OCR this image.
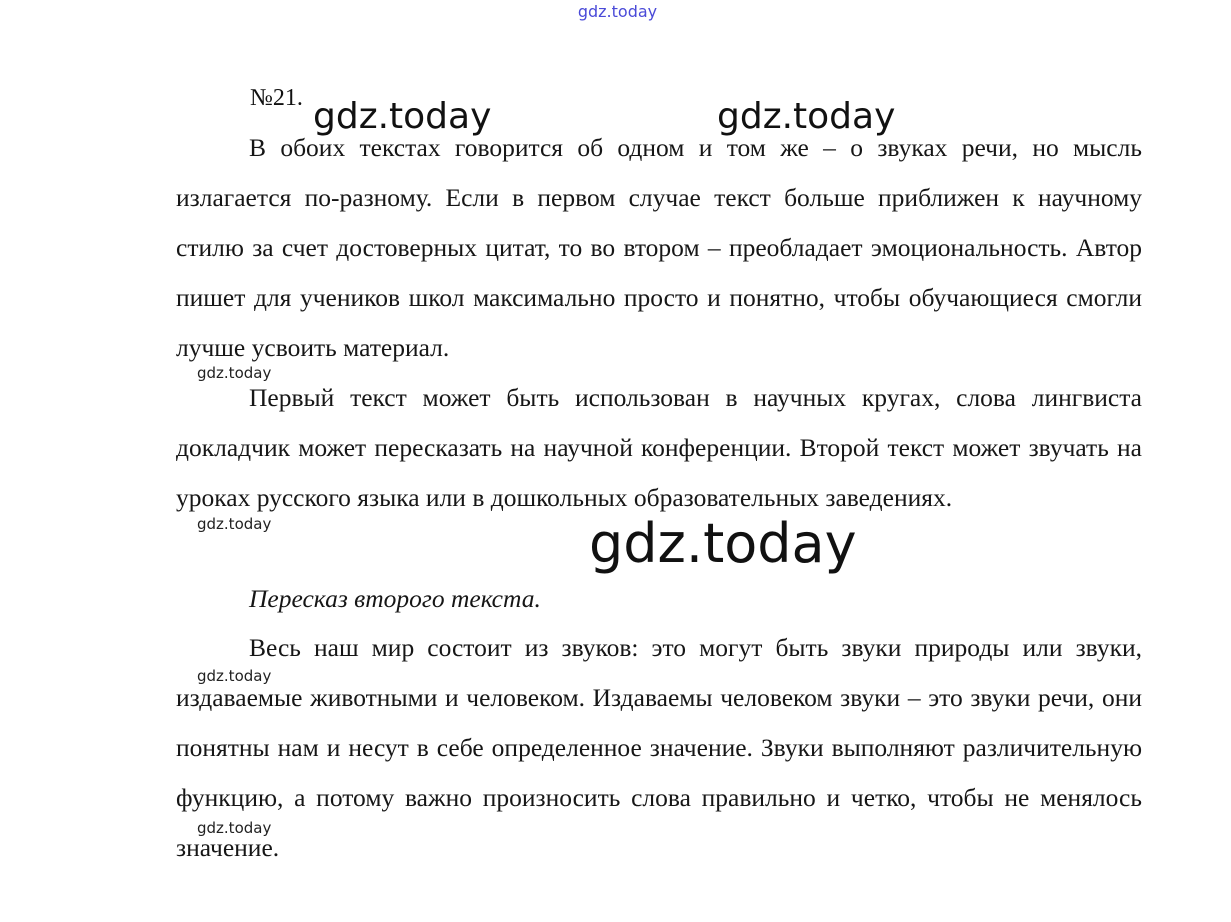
gdz.today
№21.

В обоих текстах говорится об одном и том же – о звуках речи, но мысль излагается по-разному. Если в первом случае текст больше приближен к научному стилю за счет достоверных цитат, то во втором – преобладает эмоциональность. Автор пишет для учеников школ максимально просто и понятно, чтобы обучающиеся смогли лучше усвоить материал.

Первый текст может быть использован в научных кругах, слова лингвиста докладчик может пересказать на научной конференции. Второй текст может звучать на уроках русского языка или в дошкольных образовательных заведениях.

Пересказ второго текста.

Весь наш мир состоит из звуков: это могут быть звуки природы или звуки, издаваемые животными и человеком. Издаваемы человеком звуки – это звуки речи, они понятны нам и несут в себе определенное значение. Звуки выполняют различительную функцию, а потому важно произносить слова правильно и четко, чтобы не менялось значение.

gdz.today	gdz.today
gdz.today
gdz.today
gdz.today
gdz.today
gdz.today
